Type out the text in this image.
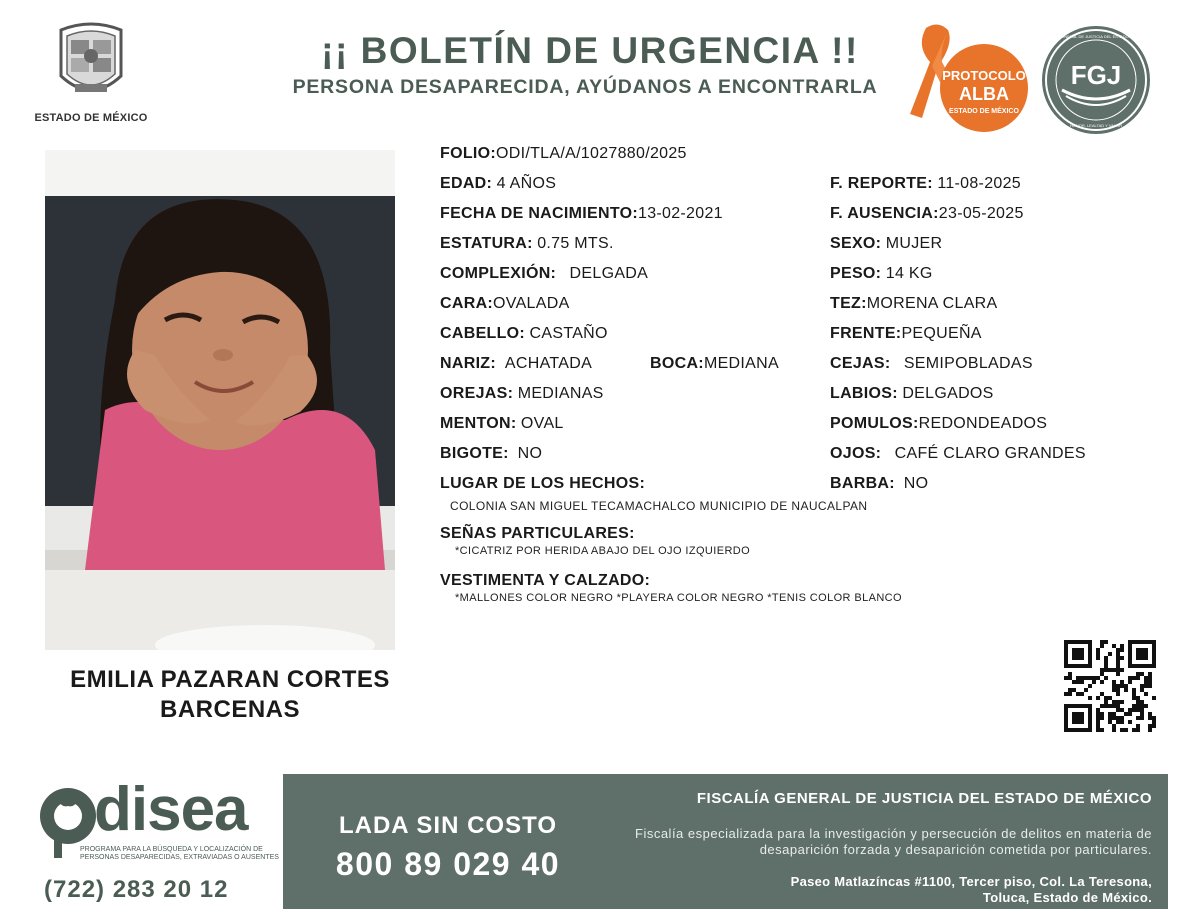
ESTADO DE MÉXICO
¡¡ BOLETÍN DE URGENCIA !!
PERSONA DESAPARECIDA, AYÚDANOS A ENCONTRARLA
PROTOCOLO
ALBA
ESTADO DE MÉXICO
FGJ
FISCALÍA GENERAL DE JUSTICIA DEL ESTADO DE MÉXICO
HONOR, LEALTAD Y VALOR
EMILIA PAZARAN CORTES
BARCENAS
FOLIO:ODI/TLA/A/1027880/2025
EDAD: 4 AÑOS
FECHA DE NACIMIENTO:13-02-2021
ESTATURA: 0.75 MTS.
COMPLEXIÓN: DELGADA
CARA:OVALADA
CABELLO: CASTAÑO
NARIZ: ACHATADA	BOCA:MEDIANA
OREJAS: MEDIANAS
MENTON: OVAL
BIGOTE: NO
LUGAR DE LOS HECHOS:
COLONIA SAN MIGUEL TECAMACHALCO MUNICIPIO DE NAUCALPAN
SEÑAS PARTICULARES:
*CICATRIZ POR HERIDA ABAJO DEL OJO IZQUIERDO
VESTIMENTA Y CALZADO:
*MALLONES COLOR NEGRO *PLAYERA COLOR NEGRO *TENIS COLOR BLANCO
F. REPORTE: 11-08-2025
F. AUSENCIA:23-05-2025
SEXO: MUJER
PESO: 14 KG
TEZ:MORENA CLARA
FRENTE:PEQUEÑA
CEJAS: SEMIPOBLADAS
LABIOS: DELGADOS
POMULOS:REDONDEADOS
OJOS: CAFÉ CLARO GRANDES
BARBA: NO
disea
PROGRAMA PARA LA BÚSQUEDA Y LOCALIZACIÓN DE PERSONAS DESAPARECIDAS, EXTRAVIADAS O AUSENTES
(722) 283 20 12
LADA SIN COSTO
800 89 029 40
FISCALÍA GENERAL DE JUSTICIA DEL ESTADO DE MÉXICO
Fiscalía especializada para la investigación y persecución de delitos en materia de desaparición forzada y desaparición cometida por particulares.
Paseo Matlazíncas #1100, Tercer piso, Col. La Teresona,
Toluca, Estado de México.
